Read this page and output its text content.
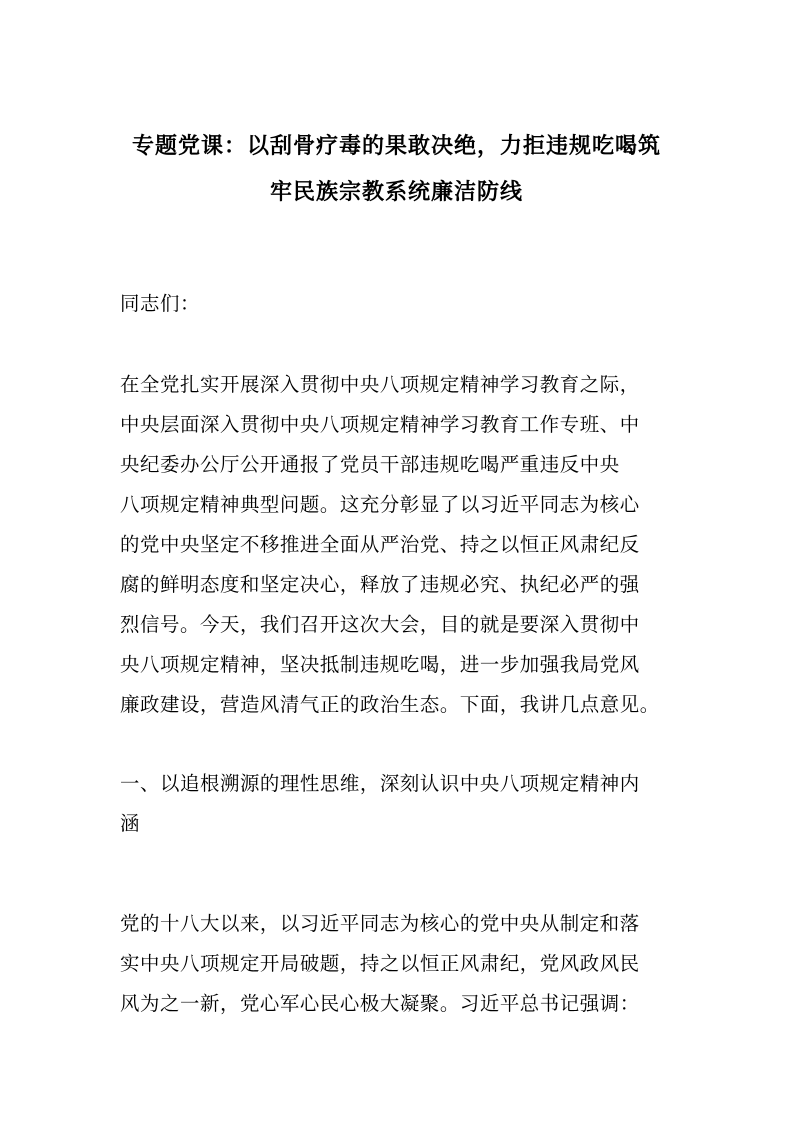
专题党课：以刮骨疗毒的果敢决绝，力拒违规吃喝筑
牢民族宗教系统廉洁防线
同志们：
在全党扎实开展深入贯彻中央八项规定精神学习教育之际，
中央层面深入贯彻中央八项规定精神学习教育工作专班、中
央纪委办公厅公开通报了党员干部违规吃喝严重违反中央
八项规定精神典型问题。这充分彰显了以习近平同志为核心
的党中央坚定不移推进全面从严治党、持之以恒正风肃纪反
腐的鲜明态度和坚定决心，释放了违规必究、执纪必严的强
烈信号。今天，我们召开这次大会，目的就是要深入贯彻中
央八项规定精神，坚决抵制违规吃喝，进一步加强我局党风
廉政建设，营造风清气正的政治生态。下面，我讲几点意见。
一、以追根溯源的理性思维，深刻认识中央八项规定精神内
涵
党的十八大以来，以习近平同志为核心的党中央从制定和落
实中央八项规定开局破题，持之以恒正风肃纪，党风政风民
风为之一新，党心军心民心极大凝聚。习近平总书记强调：
